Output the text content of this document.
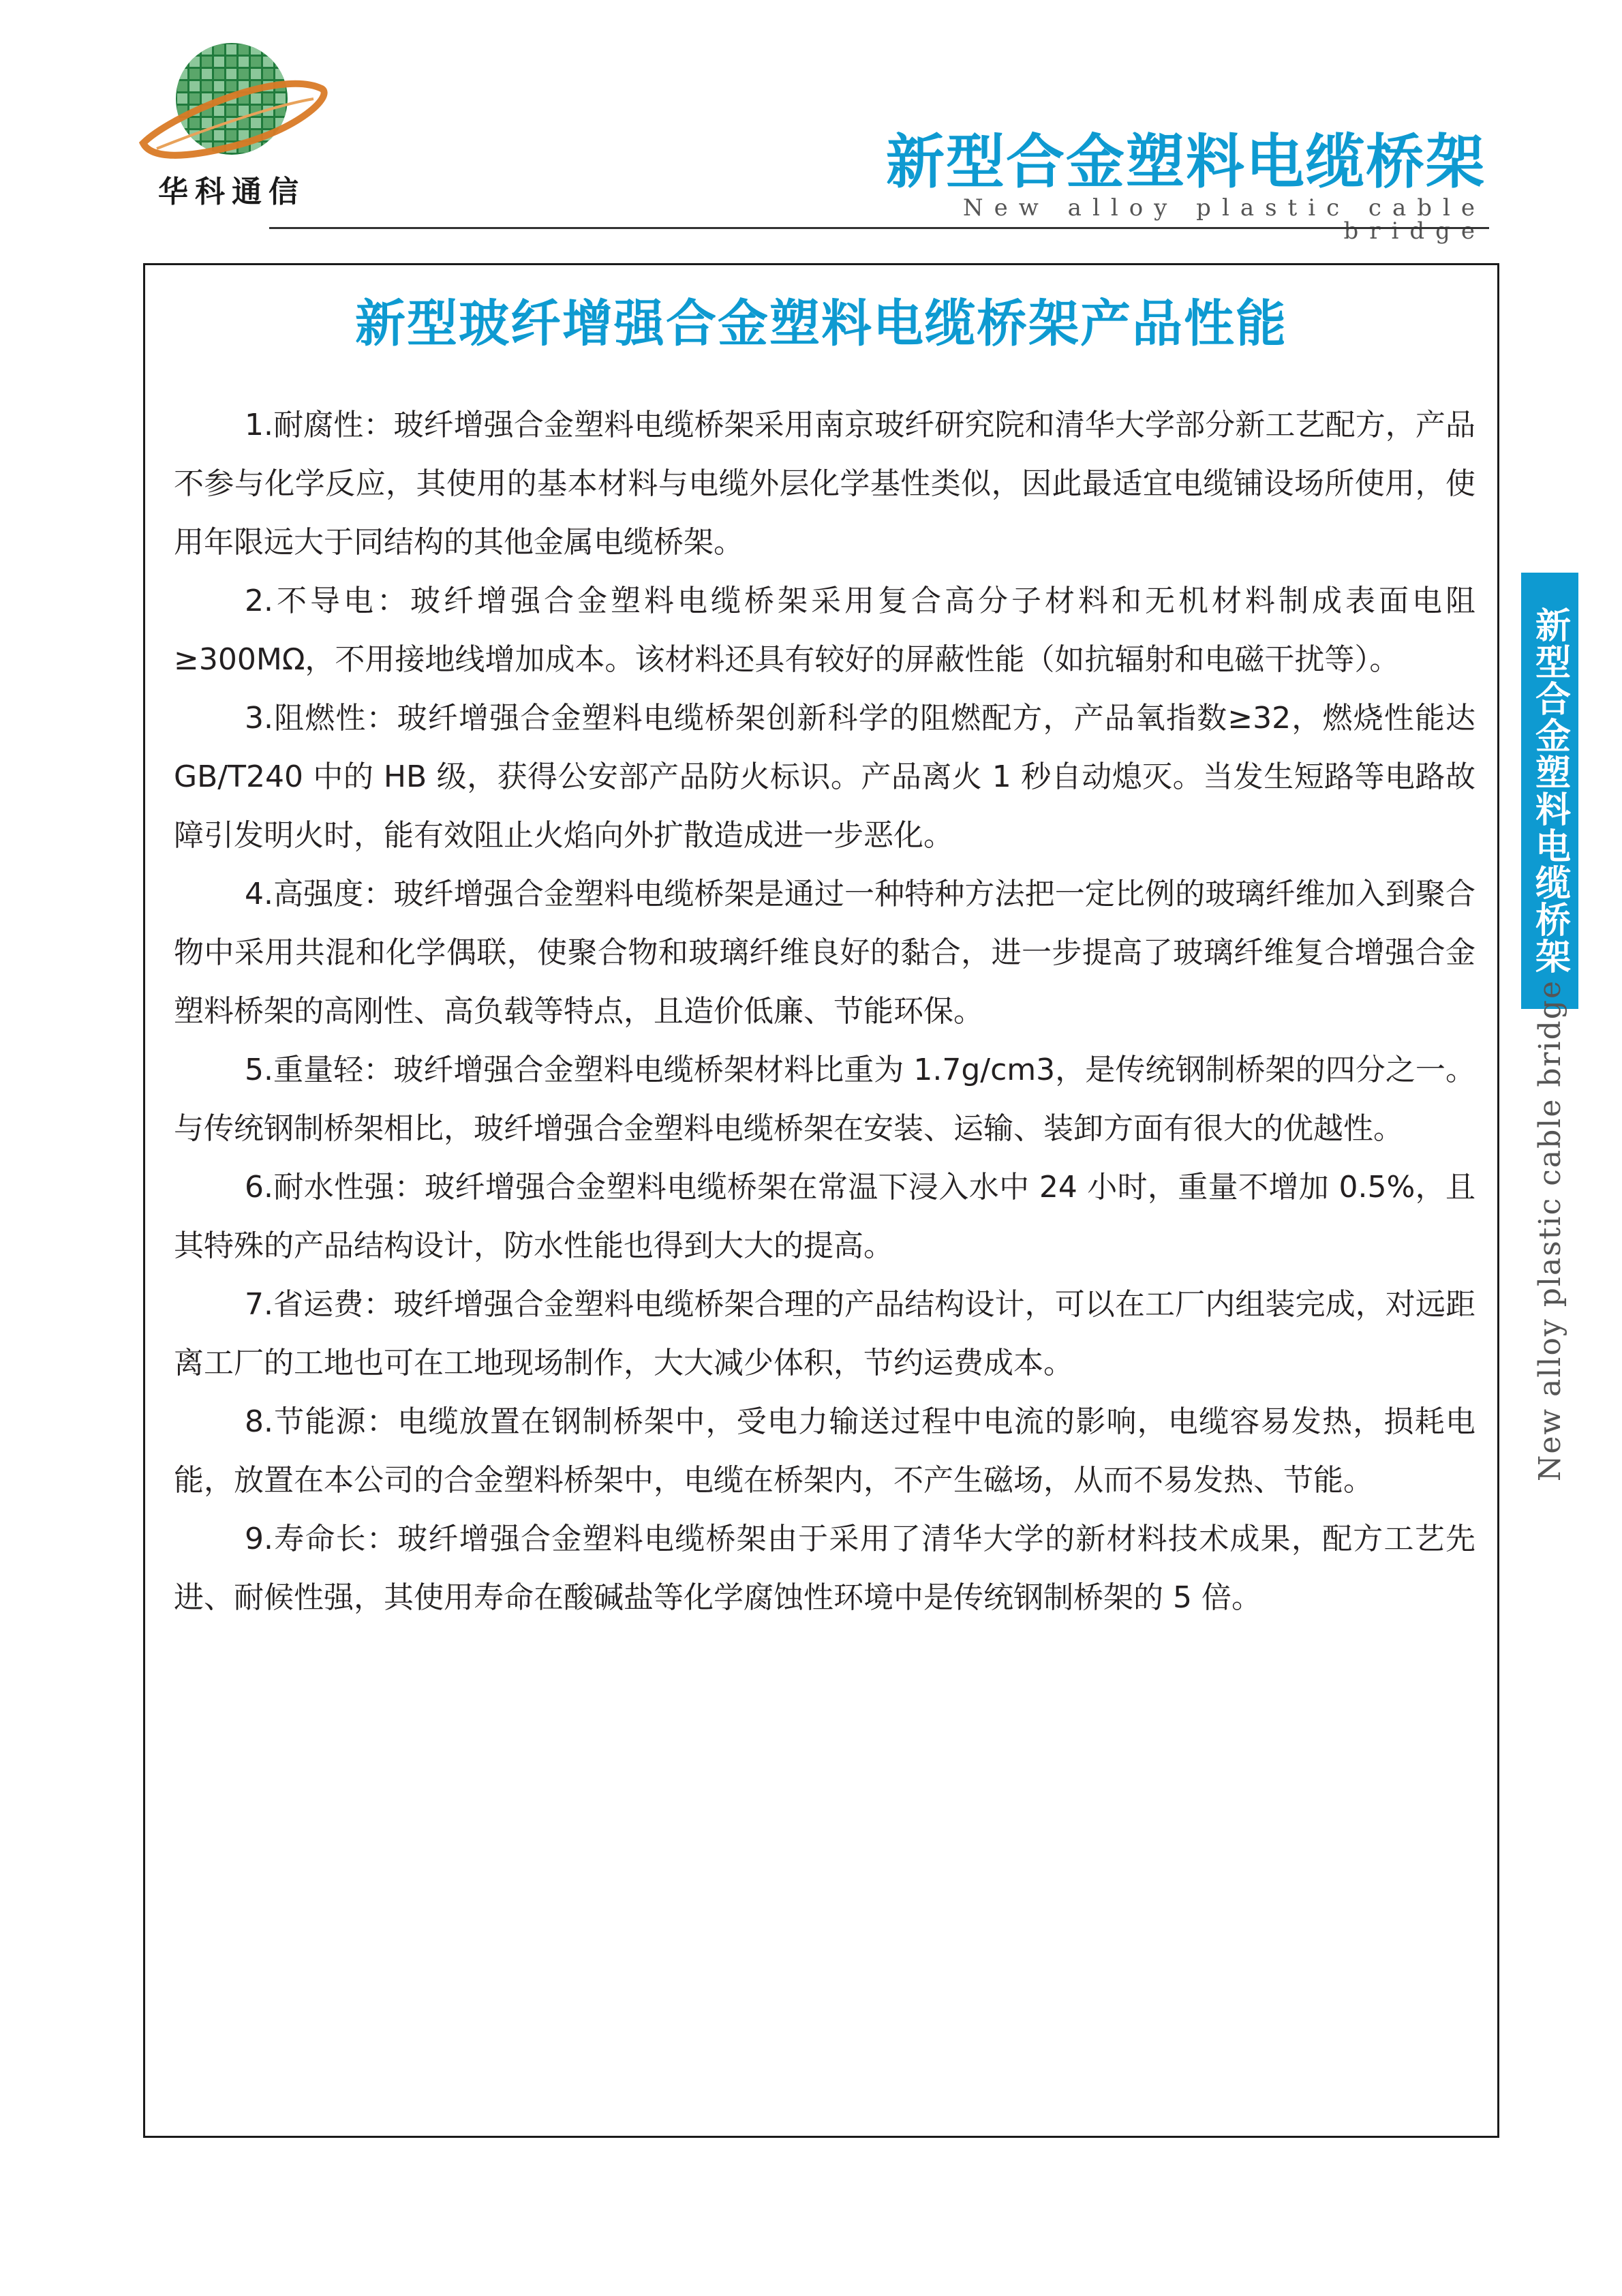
华科通信	新型合金塑料电缆桥架
New alloy plastic cable bridge
新型合金塑料电缆桥架
New alloy plastic cable bridge
新型玻纤增强合金塑料电缆桥架产品性能

1.耐腐性：玻纤增强合金塑料电缆桥架采用南京玻纤研究院和清华大学部分新工艺配方，产品不参与化学反应，其使用的基本材料与电缆外层化学基性类似，因此最适宜电缆铺设场所使用，使用年限远大于同结构的其他金属电缆桥架。

2.不导电：玻纤增强合金塑料电缆桥架采用复合高分子材料和无机材料制成表面电阻≥300MΩ，不用接地线增加成本。该材料还具有较好的屏蔽性能（如抗辐射和电磁干扰等）。

3.阻燃性：玻纤增强合金塑料电缆桥架创新科学的阻燃配方，产品氧指数≥32，燃烧性能达 GB/T240 中的 HB 级，获得公安部产品防火标识。产品离火 1 秒自动熄灭。当发生短路等电路故障引发明火时，能有效阻止火焰向外扩散造成进一步恶化。

4.高强度：玻纤增强合金塑料电缆桥架是通过一种特种方法把一定比例的玻璃纤维加入到聚合物中采用共混和化学偶联，使聚合物和玻璃纤维良好的黏合，进一步提高了玻璃纤维复合增强合金塑料桥架的高刚性、高负载等特点，且造价低廉、节能环保。

5.重量轻：玻纤增强合金塑料电缆桥架材料比重为 1.7g/cm3，是传统钢制桥架的四分之一。与传统钢制桥架相比，玻纤增强合金塑料电缆桥架在安装、运输、装卸方面有很大的优越性。

6.耐水性强：玻纤增强合金塑料电缆桥架在常温下浸入水中 24 小时，重量不增加 0.5%，且其特殊的产品结构设计，防水性能也得到大大的提高。

7.省运费：玻纤增强合金塑料电缆桥架合理的产品结构设计，可以在工厂内组装完成，对远距离工厂的工地也可在工地现场制作，大大减少体积，节约运费成本。

8.节能源：电缆放置在钢制桥架中，受电力输送过程中电流的影响，电缆容易发热，损耗电能，放置在本公司的合金塑料桥架中，电缆在桥架内，不产生磁场，从而不易发热、节能。

9.寿命长：玻纤增强合金塑料电缆桥架由于采用了清华大学的新材料技术成果，配方工艺先进、耐候性强，其使用寿命在酸碱盐等化学腐蚀性环境中是传统钢制桥架的 5 倍。
